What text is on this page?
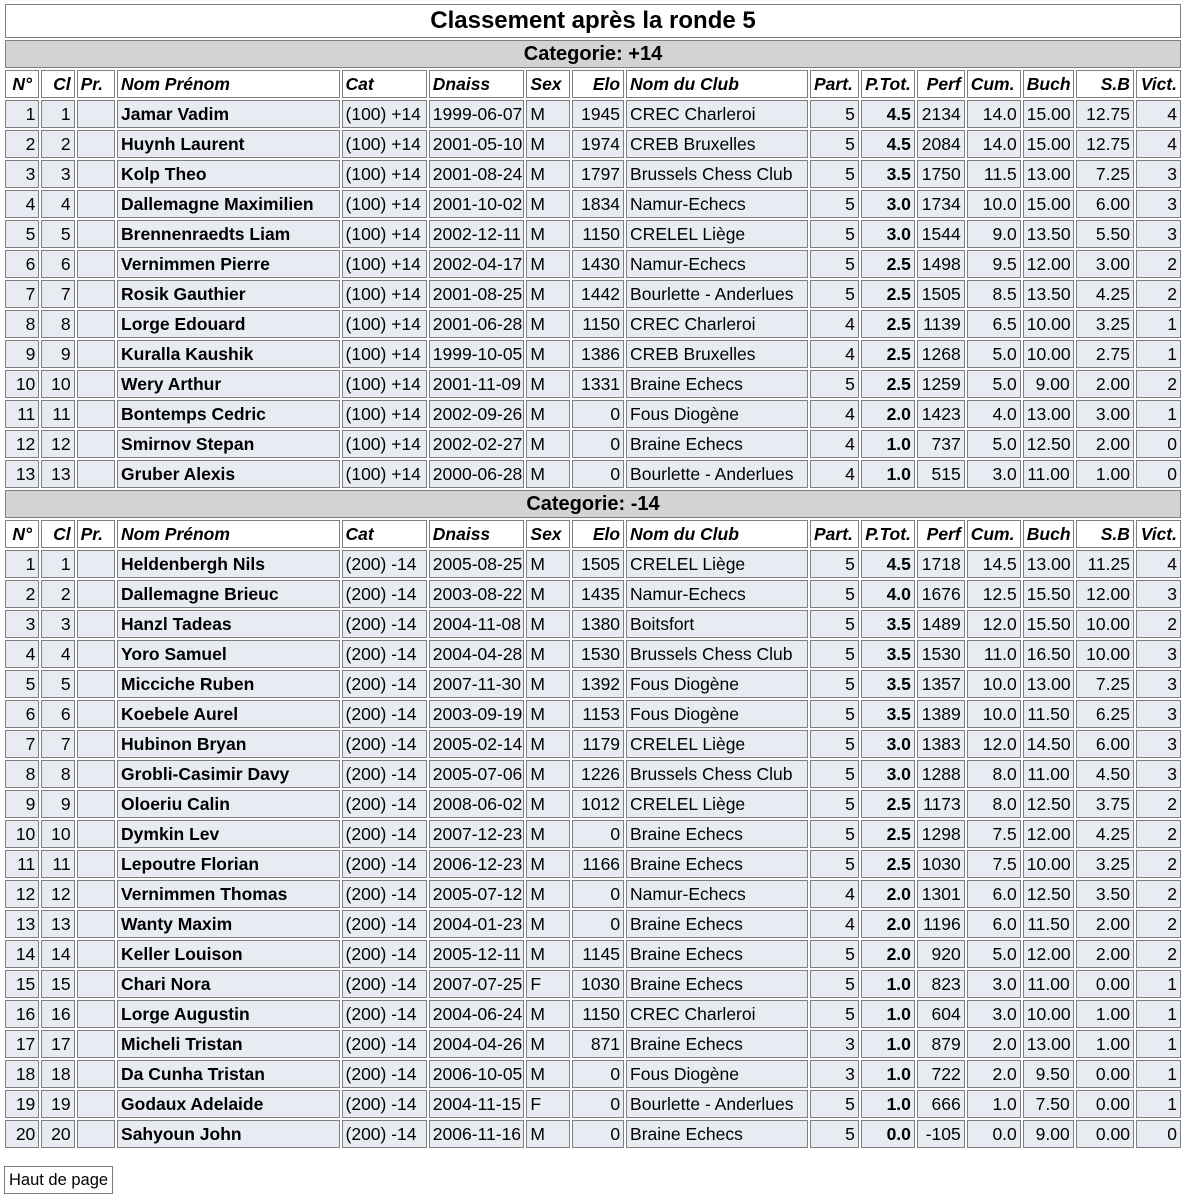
Classement après la ronde 5															
Categorie: +14															
N°	Cl	Pr.	Nom Prénom	Cat	Dnaiss	Sex	Elo	Nom du Club	Part.	P.Tot.	Perf	Cum.	Buch	S.B	Vict.
1	1		Jamar Vadim	(100) +14	1999-06-07	M	1945	CREC Charleroi	5	4.5	2134	14.0	15.00	12.75	4
2	2		Huynh Laurent	(100) +14	2001-05-10	M	1974	CREB Bruxelles	5	4.5	2084	14.0	15.00	12.75	4
3	3		Kolp Theo	(100) +14	2001-08-24	M	1797	Brussels Chess Club	5	3.5	1750	11.5	13.00	7.25	3
4	4		Dallemagne Maximilien	(100) +14	2001-10-02	M	1834	Namur-Echecs	5	3.0	1734	10.0	15.00	6.00	3
5	5		Brennenraedts Liam	(100) +14	2002-12-11	M	1150	CRELEL Liège	5	3.0	1544	9.0	13.50	5.50	3
6	6		Vernimmen Pierre	(100) +14	2002-04-17	M	1430	Namur-Echecs	5	2.5	1498	9.5	12.00	3.00	2
7	7		Rosik Gauthier	(100) +14	2001-08-25	M	1442	Bourlette - Anderlues	5	2.5	1505	8.5	13.50	4.25	2
8	8		Lorge Edouard	(100) +14	2001-06-28	M	1150	CREC Charleroi	4	2.5	1139	6.5	10.00	3.25	1
9	9		Kuralla Kaushik	(100) +14	1999-10-05	M	1386	CREB Bruxelles	4	2.5	1268	5.0	10.00	2.75	1
10	10		Wery Arthur	(100) +14	2001-11-09	M	1331	Braine Echecs	5	2.5	1259	5.0	9.00	2.00	2
11	11		Bontemps Cedric	(100) +14	2002-09-26	M	0	Fous Diogène	4	2.0	1423	4.0	13.00	3.00	1
12	12		Smirnov Stepan	(100) +14	2002-02-27	M	0	Braine Echecs	4	1.0	737	5.0	12.50	2.00	0
13	13		Gruber Alexis	(100) +14	2000-06-28	M	0	Bourlette - Anderlues	4	1.0	515	3.0	11.00	1.00	0
Categorie: -14															
N°	Cl	Pr.	Nom Prénom	Cat	Dnaiss	Sex	Elo	Nom du Club	Part.	P.Tot.	Perf	Cum.	Buch	S.B	Vict.
1	1		Heldenbergh Nils	(200) -14	2005-08-25	M	1505	CRELEL Liège	5	4.5	1718	14.5	13.00	11.25	4
2	2		Dallemagne Brieuc	(200) -14	2003-08-22	M	1435	Namur-Echecs	5	4.0	1676	12.5	15.50	12.00	3
3	3		Hanzl Tadeas	(200) -14	2004-11-08	M	1380	Boitsfort	5	3.5	1489	12.0	15.50	10.00	2
4	4		Yoro Samuel	(200) -14	2004-04-28	M	1530	Brussels Chess Club	5	3.5	1530	11.0	16.50	10.00	3
5	5		Micciche Ruben	(200) -14	2007-11-30	M	1392	Fous Diogène	5	3.5	1357	10.0	13.00	7.25	3
6	6		Koebele Aurel	(200) -14	2003-09-19	M	1153	Fous Diogène	5	3.5	1389	10.0	11.50	6.25	3
7	7		Hubinon Bryan	(200) -14	2005-02-14	M	1179	CRELEL Liège	5	3.0	1383	12.0	14.50	6.00	3
8	8		Grobli-Casimir Davy	(200) -14	2005-07-06	M	1226	Brussels Chess Club	5	3.0	1288	8.0	11.00	4.50	3
9	9		Oloeriu Calin	(200) -14	2008-06-02	M	1012	CRELEL Liège	5	2.5	1173	8.0	12.50	3.75	2
10	10		Dymkin Lev	(200) -14	2007-12-23	M	0	Braine Echecs	5	2.5	1298	7.5	12.00	4.25	2
11	11		Lepoutre Florian	(200) -14	2006-12-23	M	1166	Braine Echecs	5	2.5	1030	7.5	10.00	3.25	2
12	12		Vernimmen Thomas	(200) -14	2005-07-12	M	0	Namur-Echecs	4	2.0	1301	6.0	12.50	3.50	2
13	13		Wanty Maxim	(200) -14	2004-01-23	M	0	Braine Echecs	4	2.0	1196	6.0	11.50	2.00	2
14	14		Keller Louison	(200) -14	2005-12-11	M	1145	Braine Echecs	5	2.0	920	5.0	12.00	2.00	2
15	15		Chari Nora	(200) -14	2007-07-25	F	1030	Braine Echecs	5	1.0	823	3.0	11.00	0.00	1
16	16		Lorge Augustin	(200) -14	2004-06-24	M	1150	CREC Charleroi	5	1.0	604	3.0	10.00	1.00	1
17	17		Micheli Tristan	(200) -14	2004-04-26	M	871	Braine Echecs	3	1.0	879	2.0	13.00	1.00	1
18	18		Da Cunha Tristan	(200) -14	2006-10-05	M	0	Fous Diogène	3	1.0	722	2.0	9.50	0.00	1
19	19		Godaux Adelaide	(200) -14	2004-11-15	F	0	Bourlette - Anderlues	5	1.0	666	1.0	7.50	0.00	1
20	20		Sahyoun John	(200) -14	2006-11-16	M	0	Braine Echecs	5	0.0	-105	0.0	9.00	0.00	0
Haut de page
